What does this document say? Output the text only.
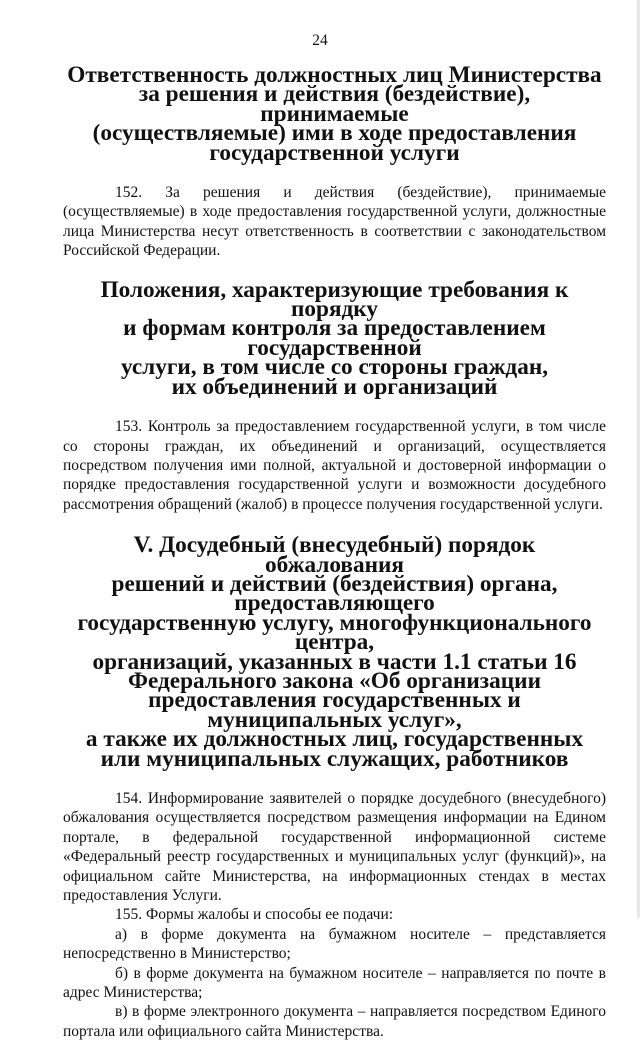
24
Ответственность должностных лиц Министерства
за решения и действия (бездействие), принимаемые
(осуществляемые) ими в ходе предоставления
государственной услуги

152. За решения и действия (бездействие), принимаемые (осуществляемые) в ходе предоставления государственной услуги, должностные лица Министерства несут ответственность в соответствии с законодательством Российской Федерации.

Положения, характеризующие требования к порядку
и формам контроля за предоставлением государственной
услуги, в том числе со стороны граждан,
их объединений и организаций

153. Контроль за предоставлением государственной услуги, в том числе со стороны граждан, их объединений и организаций, осуществляется посредством получения ими полной, актуальной и достоверной информации о порядке предоставления государственной услуги и возможности досудебного рассмотрения обращений (жалоб) в процессе получения государственной услуги.

V. Досудебный (внесудебный) порядок обжалования
решений и действий (бездействия) органа, предоставляющего
государственную услугу, многофункционального центра,
организаций, указанных в части 1.1 статьи 16
Федерального закона «Об организации
предоставления государственных и муниципальных услуг»,
а также их должностных лиц, государственных
или муниципальных служащих, работников

154. Информирование заявителей о порядке досудебного (внесудебного) обжалования осуществляется посредством размещения информации на Едином портале, в федеральной государственной информационной системе «Федеральный реестр государственных и муниципальных услуг (функций)», на официальном сайте Министерства, на информационных стендах в местах предоставления Услуги.

155. Формы жалобы и способы ее подачи:

а) в форме документа на бумажном носителе – представляется непосредственно в Министерство;

б) в форме документа на бумажном носителе – направляется по почте в адрес Министерства;

в) в форме электронного документа – направляется посредством Единого портала или официального сайта Министерства.
